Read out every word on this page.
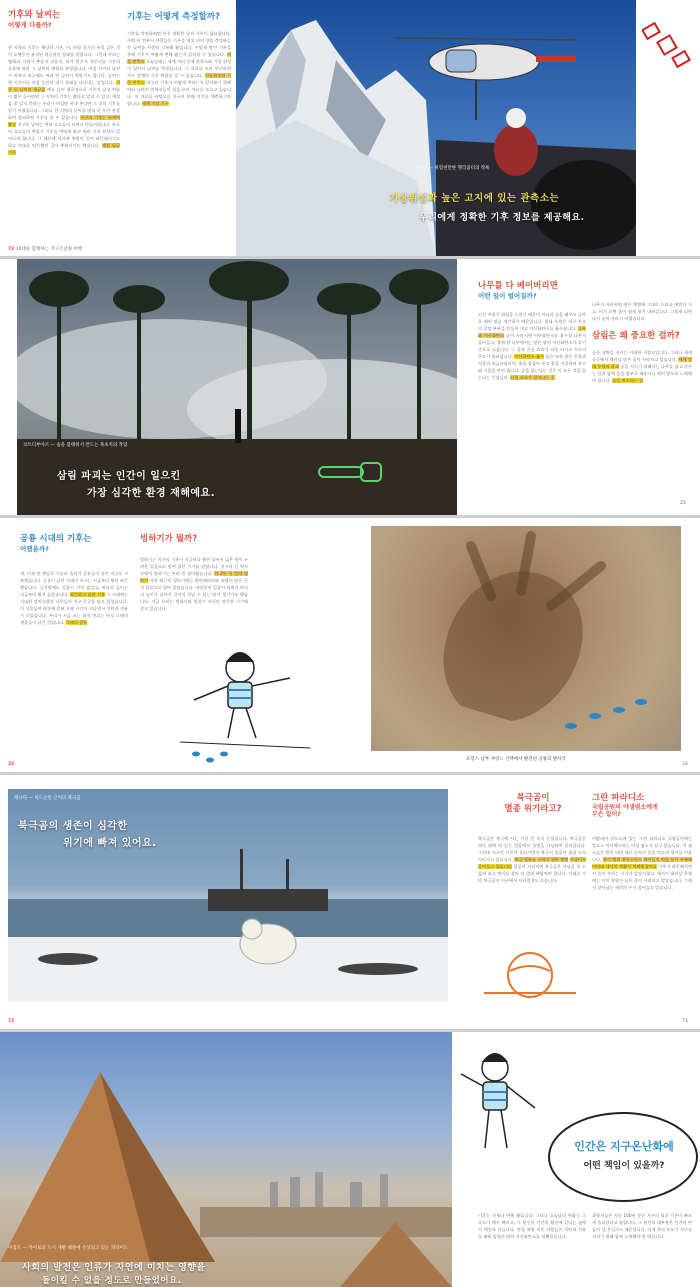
기후와 날씨는
어떻게 다를까?
한 지역의 기후는 해당하 기온, 비, 바람 공기의 특성 같은 것이 오랫동안 유지된 평균적인 상태를 말합니다. 그런데 우리는 엘레리 지역이 추운지 더운지, 비가 많은지 적은지를 시간의 흐름에 따라 그 날씨의 변화를 관찰합니다. 며칠 사이의 날씨가 바뀌고 하루에도 여러 번 날씨가 변하기도 합니다. 날씨는 몇 시간이나 며칠 동안의 대기 상태를 나타내는 말입니다. 기온 등 날씨의 평균값 예를 들어 평균적으로 기온이 낮고 여름이 짧은 곳이라면 그 지역의 기후는 춥다고 말할 수 있고, 계절을 잘 알지 못하는 우리가 며칠만 지내 본다면 그 곳의 기후를 알기 어렵습니다. 그러나 한 지역의 날씨를 몇십 년 동안 관찰하여 정리하면 기후를 알 수 있습니다. 지구의 기후는 바뀌어 왔고 지구의 날씨는 여러 요소들이 모여서 만들어집니다. 바로 이 요소들의 변화가 기후를 변하게 하고 여러 가지 현상이 일어나게 합니다. 그 때문에 과거에 추웠던 곳이 따뜻해지기도 하고 반대로 따뜻했던 곳이 추워지기도 했습니다. 계절 평균 기온
기후는 어떻게 측정할까?
기후를 측정하려면 우선 정확한 날씨 기록이 필요합니다. 수백 년 전부터 사람들은 기온을 재고 비의 양을 측정하는 등 날씨를 꾸준히 기록해 왔습니다. 이렇게 쌓인 기록을 통해 기후가 어떻게 변해 왔는지 살펴볼 수 있습니다. 지상 관측소 오늘날에는 세계 여러 곳에 관측소와 기상 위성이 있어서 날씨를 측정합니다. 그 자료를 모아 연구하면 지구 전체의 기후 변화를 알 수 있습니다. 인공위성과 기상 관측소 지구의 기후가 어떻게 변하는지 알아보기 위해 여러 나라의 과학자들이 힘을 모아 자료를 모으고 있습니다. 이 자료를 바탕으로 지구의 미래 기후를 예측하기도 합니다. 세계 기상 기구
72 10대와 함께하는 지구온난화 여행
몽블랑 — 위험천만한 헬리콥터의 착륙
기상위성과 높은 고지에 있는 관측소는
우리에게 정확한 기후 정보를 제공해요.
코트디부아르 — 숲을 불태워서 만드는 목초지의 작업
삼림 파괴는 인간이 일으킨
가장 심각한 환경 재해예요.
나무를 다 베어버리면
어떤 일이 벌어질까?
인간 주위가 위험을 느끼기 때문이 아니라 숲을 태우고 나무를 베어 땅을 개간하기 때문입니다. 열대 우림은 지구 산소의 상당 부분을 만들어 내고 이산화탄소를 흡수합니다. 나무와 이산화탄소 숲이 사라지면 이산화탄소를 흡수할 나무가 줄어들고, 불에 탄 나무에서는 많은 양의 이산화탄소가 공기 중으로 나옵니다. 그 결과 온실 효과가 더욱 커지고 지구의 온도가 올라갑니다. 이산화탄소 흡수 숲은 또한 많은 동물과 식물의 보금자리이며, 흙을 붙잡아 주고 물을 저장하여 홍수와 가뭄을 막아 줍니다. 숲을 잃는다는 것은 이 모든 것을 잃는다는 뜻입니다. 산림 파괴가 일어나는 곳
나무가 사라지면 땅은 햇볕에 그대로 드러나 메말라 가고, 비가 오면 흙이 쉽게 씻겨 내려갑니다. 그렇게 되면 다시 숲이 자라기 어렵습니다.
삼림은 왜 중요한 걸까?
숲은 생명을 지키는 거대한 저장고입니다. 그러나 세계 곳곳에서 해마다 많은 숲이 사라지고 있습니다. 세계 열대 우림의 파괴 숲을 지키기 위해서는 나무를 심고 가꾸는 일과 함께 숲을 함부로 태우거나 베지 않도록 노력해야 합니다. 숲을 보호하는 일
25
공룡 시대의 기후는
어땠을까?
새, 이제 먼 옛날로 거슬러 올라가 공룡들이 살던 지구로 가 보겠습니다. 공룡이 살던 시대의 지구는 지금보다 훨씬 따뜻했습니다. 극지방에도 얼음이 거의 없었고, 바다의 높이는 지금보다 훨씬 높았습니다. 따뜻하고 습한 기후 그 시대에는 거대한 양치식물과 나무들이 지구 곳곳을 덮고 있었습니다. 이 식물들이 땅속에 묻혀 오랜 시간이 지나면서 석탄과 석유가 되었습니다. 우리가 지금 쓰는 화석 연료는 바로 그때의 생물들이 남긴 것입니다. 그때의 공룡
빙하기가 뭘까?
빙하기는 지구의 기온이 지금보다 훨씬 낮아서 넓은 땅이 두꺼운 얼음으로 덮여 있던 시기를 말합니다. 지구의 긴 역사 속에서 빙하기는 여러 번 찾아왔습니다. 약 2만 년 전의 빙하기 가장 최근의 빙하기에는 북아메리카와 유럽의 많은 곳이 얼음으로 덮여 있었습니다. 바닷물이 얼음이 되면서 바다의 높이가 낮아져 걸어서 건널 수 있는 땅이 생기기도 했습니다. 지금 우리는 빙하기와 빙하기 사이의 따뜻한 시기에 살고 있습니다.
32
프랑스 남부 샤랑느 산맥에서 발견된 공룡의 발자국
33
캐나다 — 허드슨만 근처의 북극곰
북극곰의 생존이 심각한
위기에 빠져 있어요.
72
북극곰이
멸종 위기라고?
북극곰은 북극에 사는 가장 큰 육식 동물입니다. 북극곰은 바다 위에 떠 있는 얼음에서 물범을 사냥하며 살아갑니다. 그런데 지구의 기온이 올라가면서 북극의 얼음이 점점 녹아 사라지고 있습니다. 북극 빙하를 구하기 위한 방법 사냥터가 줄어들고 있습니다 얼음이 사라지면 북극곰은 사냥을 할 수 없게 되고 먹이를 찾아 더 멀리 헤엄쳐야 합니다. 이대로 가면 북극곰이 지구에서 사라질지도 모릅니다.
그란 파라디소
국립공원의 야생염소에게
무슨 일이?
이탈리아 알프스에 있는 그란 파라디소 국립공원에는 알프스 아이벡스라는 야생 염소가 살고 있습니다. 이 염소들은 봄이 되면 새로 돋아난 풀을 먹으며 새끼를 키웁니다. 봄이 빨리 찾아오면서 새끼들이 먹을 풀이 부족해 어미와 새끼의 생활이 어려워졌어요 기후가 따뜻해지면서 풀이 자라는 시기가 앞당겨졌고, 새끼가 태어날 무렵에는 이미 영양가 높은 풀이 사라지고 말았습니다. 그래서 살아남는 새끼의 수가 줄어들고 있습니다.
73
이집트 — 카이로의 도시 개발 때문에 손상되고 있는 피라미드
사회의 발전은 인류가 자연에 미치는 영향을
돌이킬 수 없을 정도로 만들었어요.
인간은 지구온난화에
어떤 책임이 있을까?
기후는 언제나 변해 왔습니다. 그러나 오늘날의 변화는 그 속도가 매우 빠르고, 그 원인이 인간의 활동에 있다는 점에서 예전과 다릅니다. 산업 혁명 이후 사람들은 석탄과 석유를 태워 엄청난 양의 이산화탄소를 내뿜었습니다.
과학자들은 지난 100년 동안 지구의 평균 기온이 빠르게 올라갔다고 말합니다. 그 원인의 대부분은 인간이 만들어 낸 온실가스 때문입니다. 이제 우리 모두가 지구를 지키기 위해 함께 노력해야 할 때입니다.
